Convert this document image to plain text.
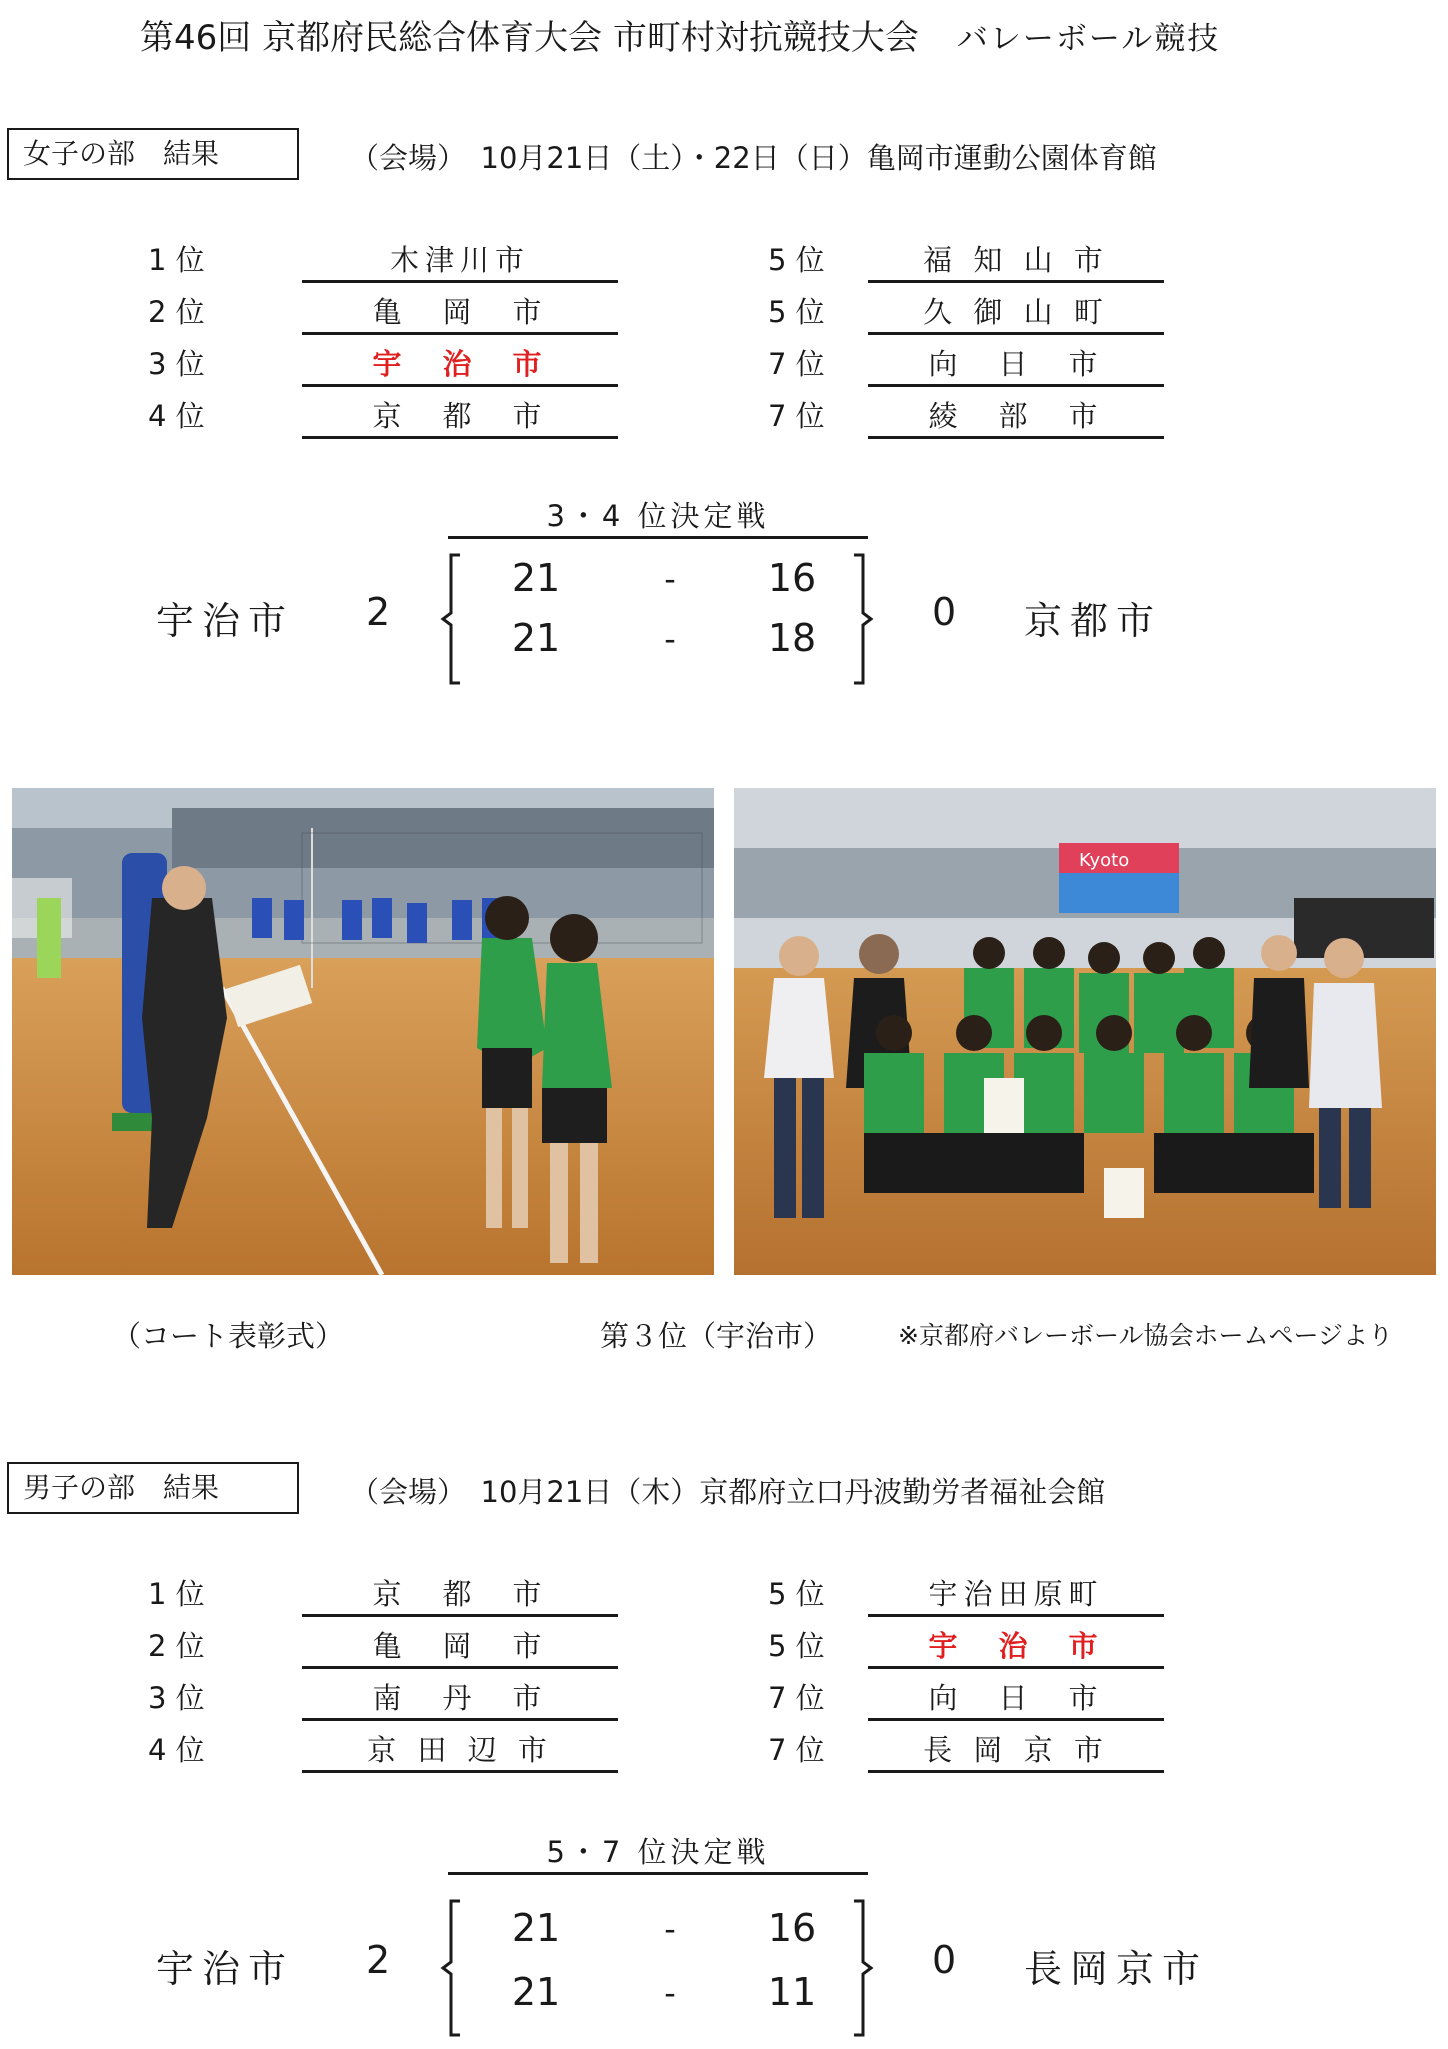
第46回 京都府民総合体育大会 市町村対抗競技大会 バレーボール競技
女子の部　結果	（会場）　10月21日（土）・22日（日）亀岡市運動公園体育館
1 位	木津川市
2 位	亀　岡　市
3 位	宇　治　市
4 位	京　都　市
5 位	福 知 山 市
5 位	久 御 山 町
7 位	向　日　市
7 位	綾　部　市
3・4 位決定戦
宇治市 2	0 京都市
21	-	16
21	-	18
Kyoto
（コート表彰式）	第３位（宇治市）	※京都府バレーボール協会ホームページより
男子の部　結果	（会場）　10月21日（木）京都府立口丹波勤労者福祉会館
1 位	京　都　市
2 位	亀　岡　市
3 位	南　丹　市
4 位	京 田 辺 市
5 位	宇治田原町
5 位	宇　治　市
7 位	向　日　市
7 位	長 岡 京 市
5・7 位決定戦
宇治市 2	0 長岡京市
21	-	16
21	-	11
